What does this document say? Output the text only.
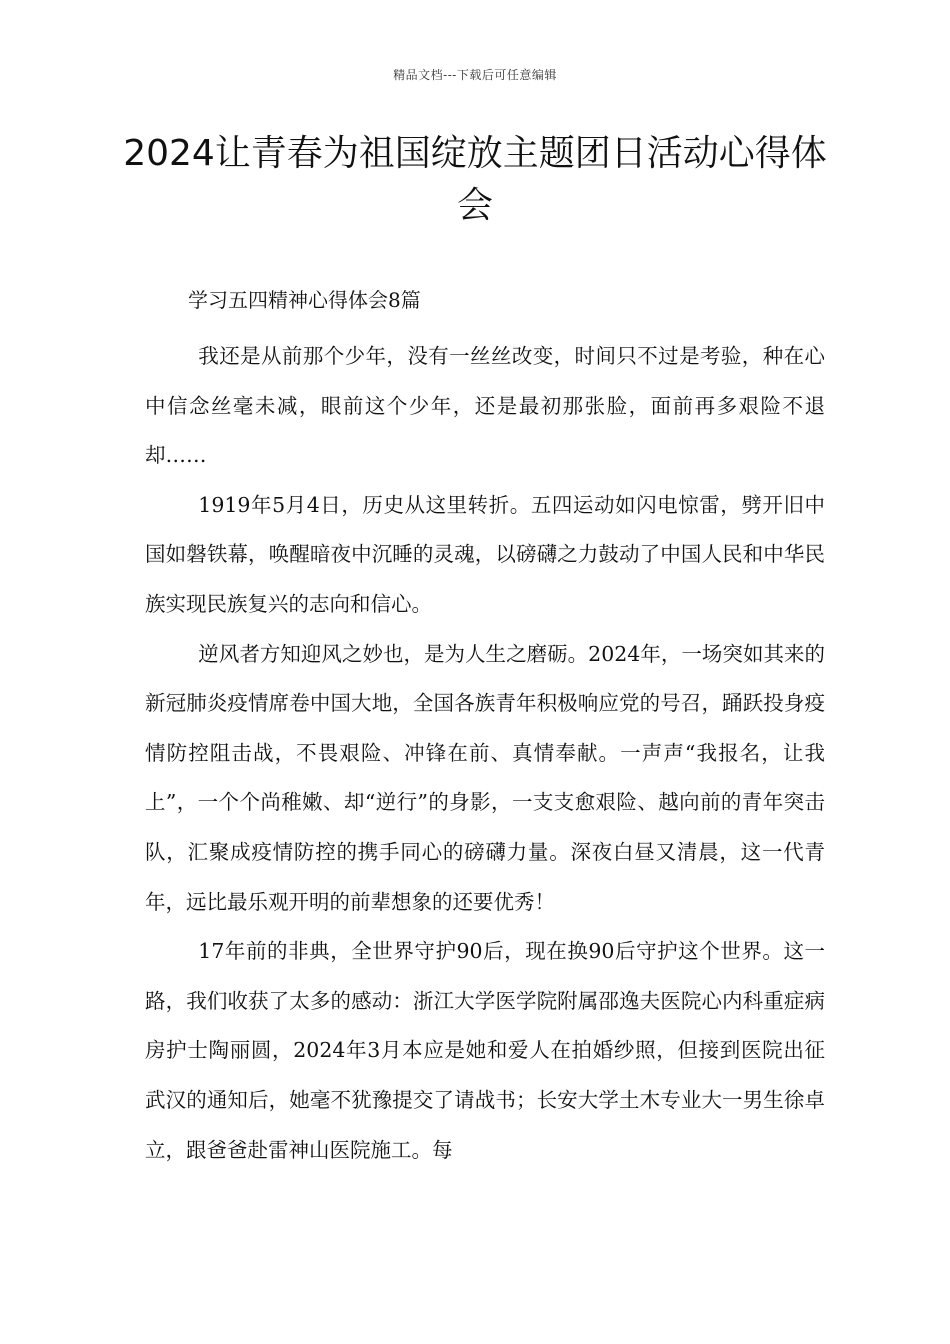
精品文档---下载后可任意编辑
2024让青春为祖国绽放主题团日活动心得体会
学习五四精神心得体会8篇

我还是从前那个少年，没有一丝丝改变，时间只不过是考验，种在心中信念丝毫未减，眼前这个少年，还是最初那张脸，面前再多艰险不退却……

1919年5月4日，历史从这里转折。五四运动如闪电惊雷，劈开旧中国如磐铁幕，唤醒暗夜中沉睡的灵魂，以磅礴之力鼓动了中国人民和中华民族实现民族复兴的志向和信心。

逆风者方知迎风之妙也，是为人生之磨砺。2024年，一场突如其来的新冠肺炎疫情席卷中国大地，全国各族青年积极响应党的号召，踊跃投身疫情防控阻击战，不畏艰险、冲锋在前、真情奉献。一声声“我报名，让我上”，一个个尚稚嫩、却“逆行”的身影，一支支愈艰险、越向前的青年突击队，汇聚成疫情防控的携手同心的磅礴力量。深夜白昼又清晨，这一代青年，远比最乐观开明的前辈想象的还要优秀！

17年前的非典，全世界守护90后，现在换90后守护这个世界。这一路，我们收获了太多的感动：浙江大学医学院附属邵逸夫医院心内科重症病房护士陶丽圆，2024年3月本应是她和爱人在拍婚纱照，但接到医院出征武汉的通知后，她毫不犹豫提交了请战书；长安大学土木专业大一男生徐卓立，跟爸爸赴雷神山医院施工。每
